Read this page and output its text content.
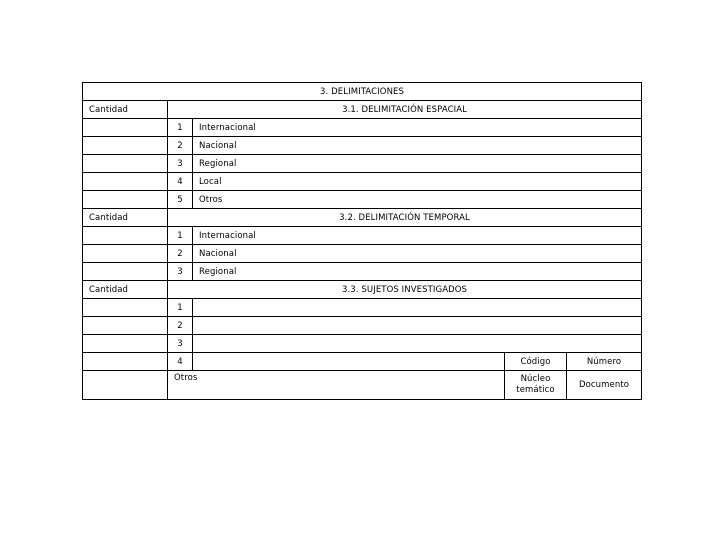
3. DELIMITACIONES				
Cantidad	3.1. DELIMITACIÓN ESPACIAL			
	1	Internacional		
	2	Nacional		
	3	Regional		
	4	Local		
	5	Otros		
Cantidad	3.2. DELIMITACIÓN TEMPORAL			
	1	Internacional		
	2	Nacional		
	3	Regional		
Cantidad	3.3. SUJETOS INVESTIGADOS			
	1			
	2			
	3			
	4		Código	Número
	Otros		Núcleo temático	Documento
